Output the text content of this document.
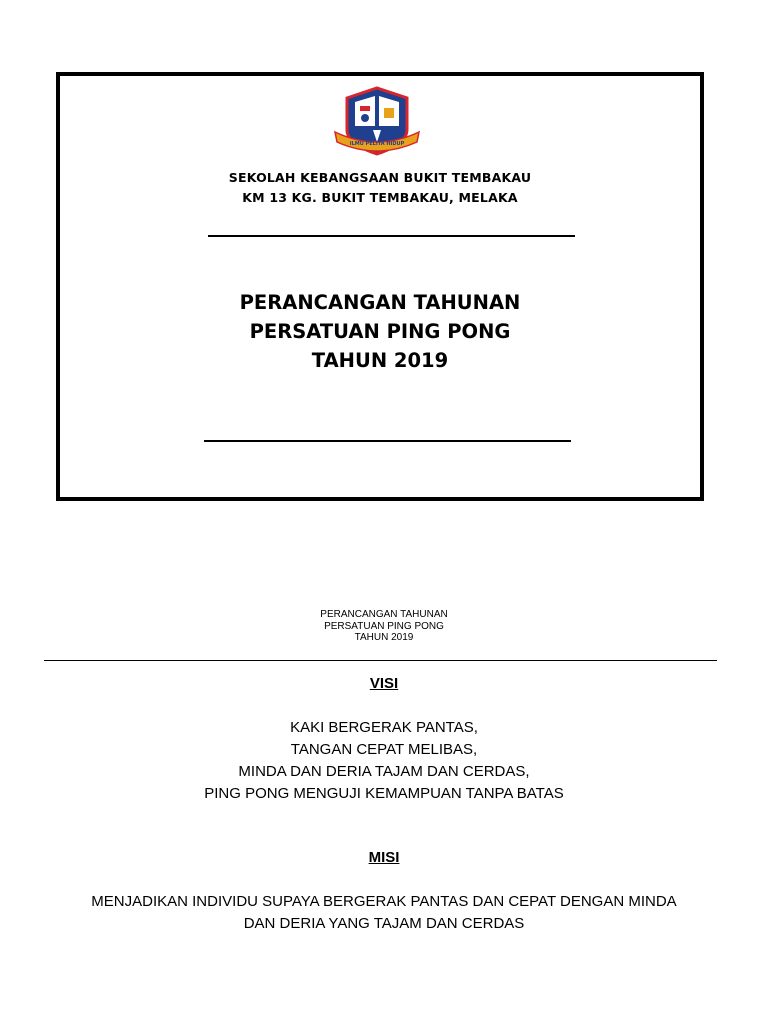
ILMU PELITA HIDUP
SEKOLAH KEBANGSAAN BUKIT TEMBAKAU
KM 13 KG. BUKIT TEMBAKAU, MELAKA
PERANCANGAN TAHUNAN
PERSATUAN PING PONG
TAHUN 2019
PERANCANGAN TAHUNAN
PERSATUAN PING PONG
TAHUN 2019
VISI
KAKI BERGERAK PANTAS,
TANGAN CEPAT MELIBAS,
MINDA DAN DERIA TAJAM DAN CERDAS,
PING PONG MENGUJI KEMAMPUAN TANPA BATAS
MISI
MENJADIKAN INDIVIDU SUPAYA BERGERAK PANTAS DAN CEPAT DENGAN MINDA
DAN DERIA YANG TAJAM DAN CERDAS
